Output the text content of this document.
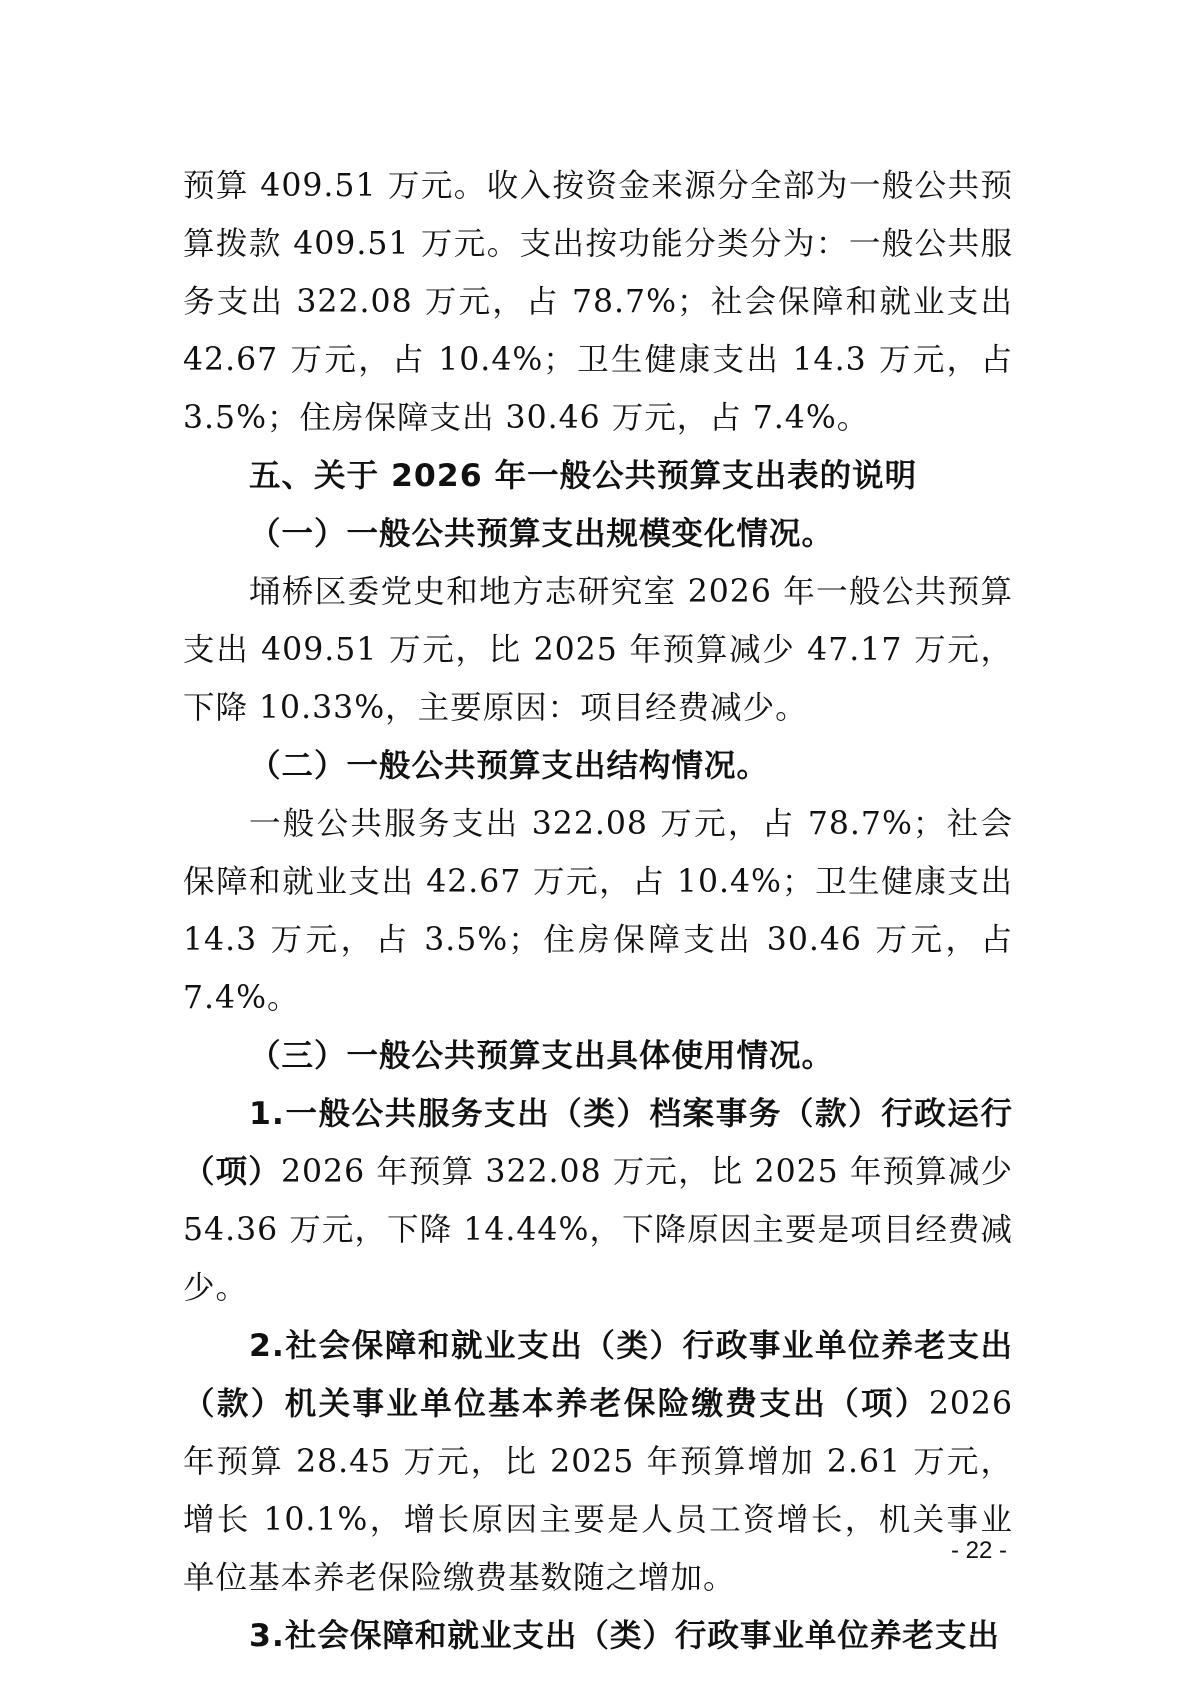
预算 409.51 万元。收入按资金来源分全部为一般公共预算拨款 409.51 万元。支出按功能分类分为：一般公共服务支出 322.08 万元，占 78.7%；社会保障和就业支出 42.67 万元，占 10.4%；卫生健康支出 14.3 万元，占 3.5%；住房保障支出 30.46 万元，占 7.4%。

五、关于 2026 年一般公共预算支出表的说明

（一）一般公共预算支出规模变化情况。

埇桥区委党史和地方志研究室 2026 年一般公共预算支出 409.51 万元，比 2025 年预算减少 47.17 万元，下降 10.33%，主要原因：项目经费减少。

（二）一般公共预算支出结构情况。

一般公共服务支出 322.08 万元，占 78.7%；社会保障和就业支出 42.67 万元，占 10.4%；卫生健康支出 14.3 万元，占 3.5%；住房保障支出 30.46 万元，占 7.4%。

（三）一般公共预算支出具体使用情况。

1.一般公共服务支出（类）档案事务（款）行政运行（项）2026 年预算 322.08 万元，比 2025 年预算减少 54.36 万元，下降 14.44%，下降原因主要是项目经费减少。

2.社会保障和就业支出（类）行政事业单位养老支出（款）机关事业单位基本养老保险缴费支出（项）2026 年预算 28.45 万元，比 2025 年预算增加 2.61 万元，增长 10.1%，增长原因主要是人员工资增长，机关事业单位基本养老保险缴费基数随之增加。

3.社会保障和就业支出（类）行政事业单位养老支出

- 22 -
